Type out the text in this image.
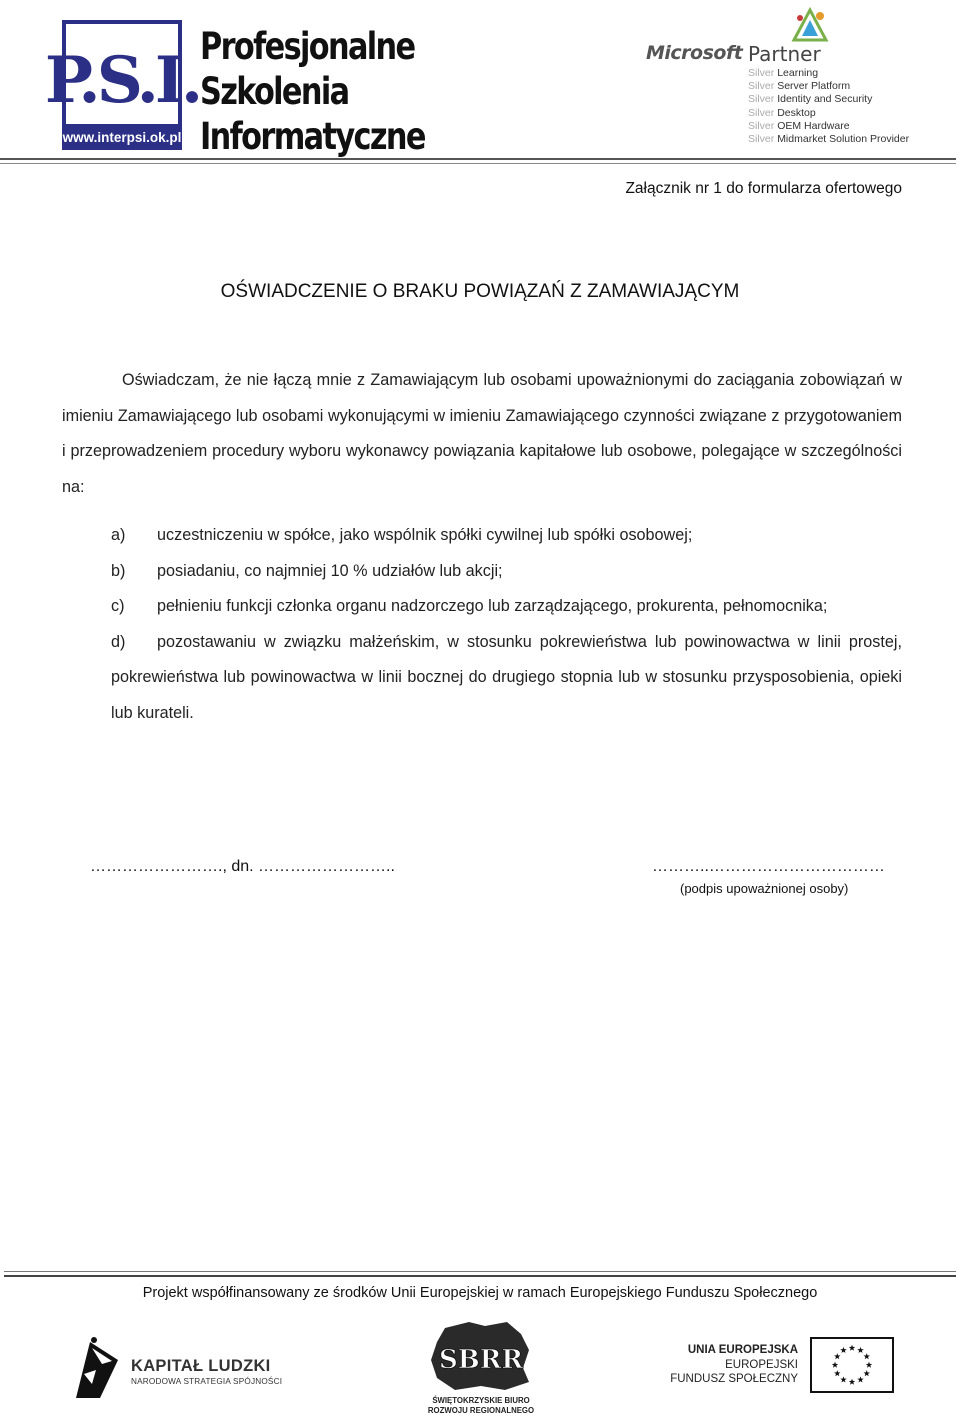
P.S.I.
www.interpsi.ok.pl
Profesjonalne
Szkolenia
Informatyczne
Microsoft Partner
Silver Learning
Silver Server Platform
Silver Identity and Security
Silver Desktop
Silver OEM Hardware
Silver Midmarket Solution Provider
Załącznik nr 1 do formularza ofertowego
OŚWIADCZENIE O BRAKU POWIĄZAŃ Z ZAMAWIAJĄCYM
Oświadczam, że nie łączą mnie z Zamawiającym lub osobami upoważnionymi do zaciągania zobowiązań w imieniu Zamawiającego lub osobami wykonującymi w imieniu Zamawiającego czynności związane z przygotowaniem i przeprowadzeniem procedury wyboru wykonawcy powiązania kapitałowe lub osobowe, polegające w szczególności na:
a)	uczestniczeniu w spółce, jako wspólnik spółki cywilnej lub spółki osobowej;
b)	posiadaniu, co najmniej 10 % udziałów lub akcji;
c)	pełnieniu funkcji członka organu nadzorczego lub zarządzającego, prokurenta, pełnomocnika;
d) pozostawaniu w związku małżeńskim, w stosunku pokrewieństwa lub powinowactwa w linii prostej, pokrewieństwa lub powinowactwa w linii bocznej do drugiego stopnia lub w stosunku przysposobienia, opieki lub kurateli.
……………………., dn. ……………………..	………..……………………………
(podpis upoważnionej osoby)
Projekt współfinansowany ze środków Unii Europejskiej w ramach Europejskiego Funduszu Społecznego
KAPITAŁ LUDZKI
NARODOWA STRATEGIA SPÓJNOŚCI
SBRR
ŚWIĘTOKRZYSKIE BIURO
ROZWOJU REGIONALNEGO
UNIA EUROPEJSKA
EUROPEJSKI
FUNDUSZ SPOŁECZNY
